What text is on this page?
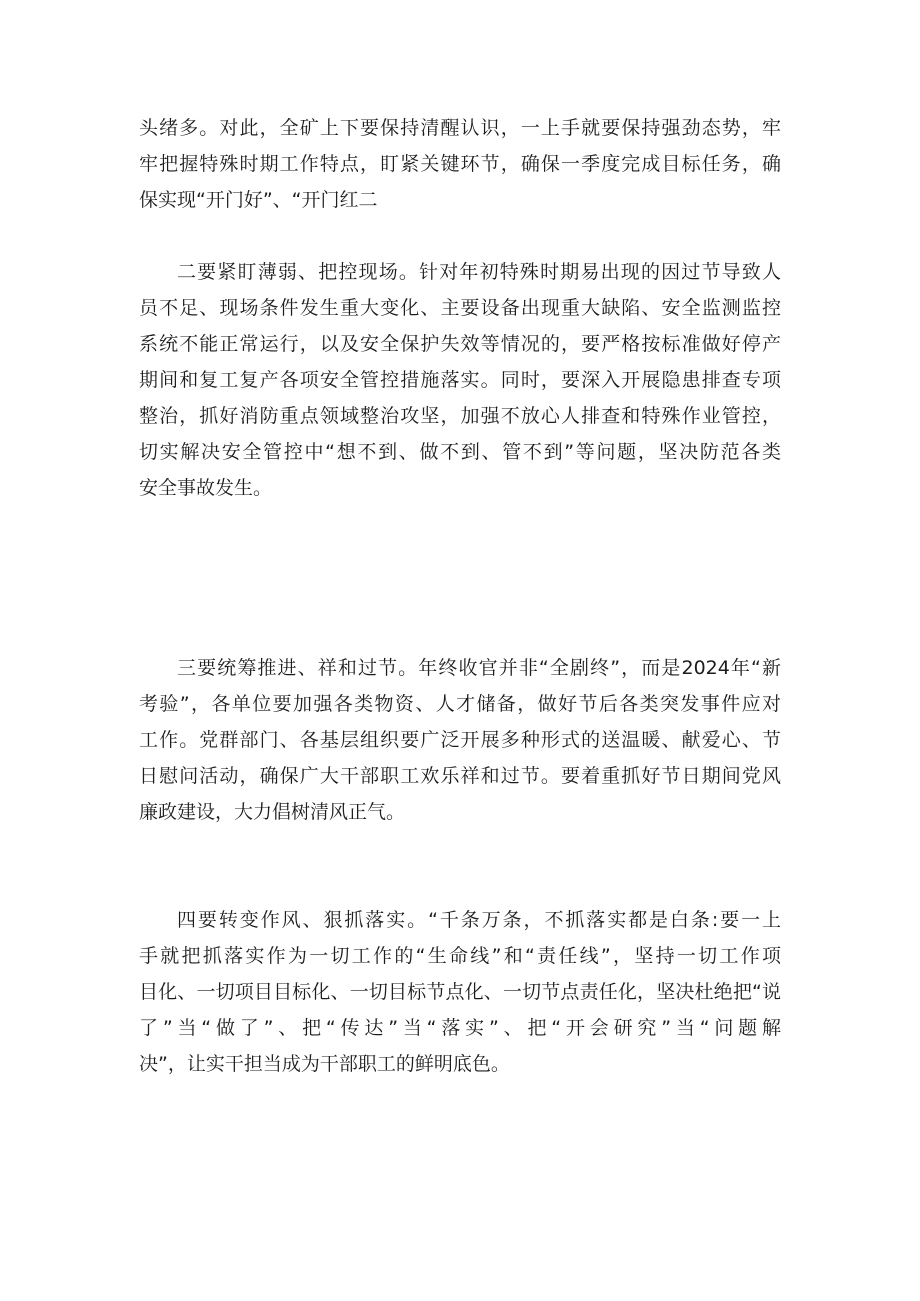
头绪多。对此，全矿上下要保持清醒认识，一上手就要保持强劲态势，牢
牢把握特殊时期工作特点，盯紧关键环节，确保一季度完成目标任务，确
保实现“开门好”、“开门红二
二要紧盯薄弱、把控现场。针对年初特殊时期易出现的因过节导致人
员不足、现场条件发生重大变化、主要设备出现重大缺陷、安全监测监控
系统不能正常运行，以及安全保护失效等情况的，要严格按标准做好停产
期间和复工复产各项安全管控措施落实。同时，要深入开展隐患排查专项
整治，抓好消防重点领域整治攻坚，加强不放心人排查和特殊作业管控，
切实解决安全管控中“想不到、做不到、管不到”等问题，坚决防范各类
安全事故发生。
三要统筹推进、祥和过节。年终收官并非“全剧终”，而是2024年“新
考验”，各单位要加强各类物资、人才储备，做好节后各类突发事件应对
工作。党群部门、各基层组织要广泛开展多种形式的送温暖、献爱心、节
日慰问活动，确保广大干部职工欢乐祥和过节。要着重抓好节日期间党风
廉政建设，大力倡树清风正气。
四要转变作风、狠抓落实。“千条万条，不抓落实都是白条:要一上
手就把抓落实作为一切工作的“生命线”和“责任线”，坚持一切工作项
目化、一切项目目标化、一切目标节点化、一切节点责任化，坚决杜绝把“说
了”当“做了”、把“传达”当“落实”、把“开会研究”当“问题解
决”，让实干担当成为干部职工的鲜明底色。
